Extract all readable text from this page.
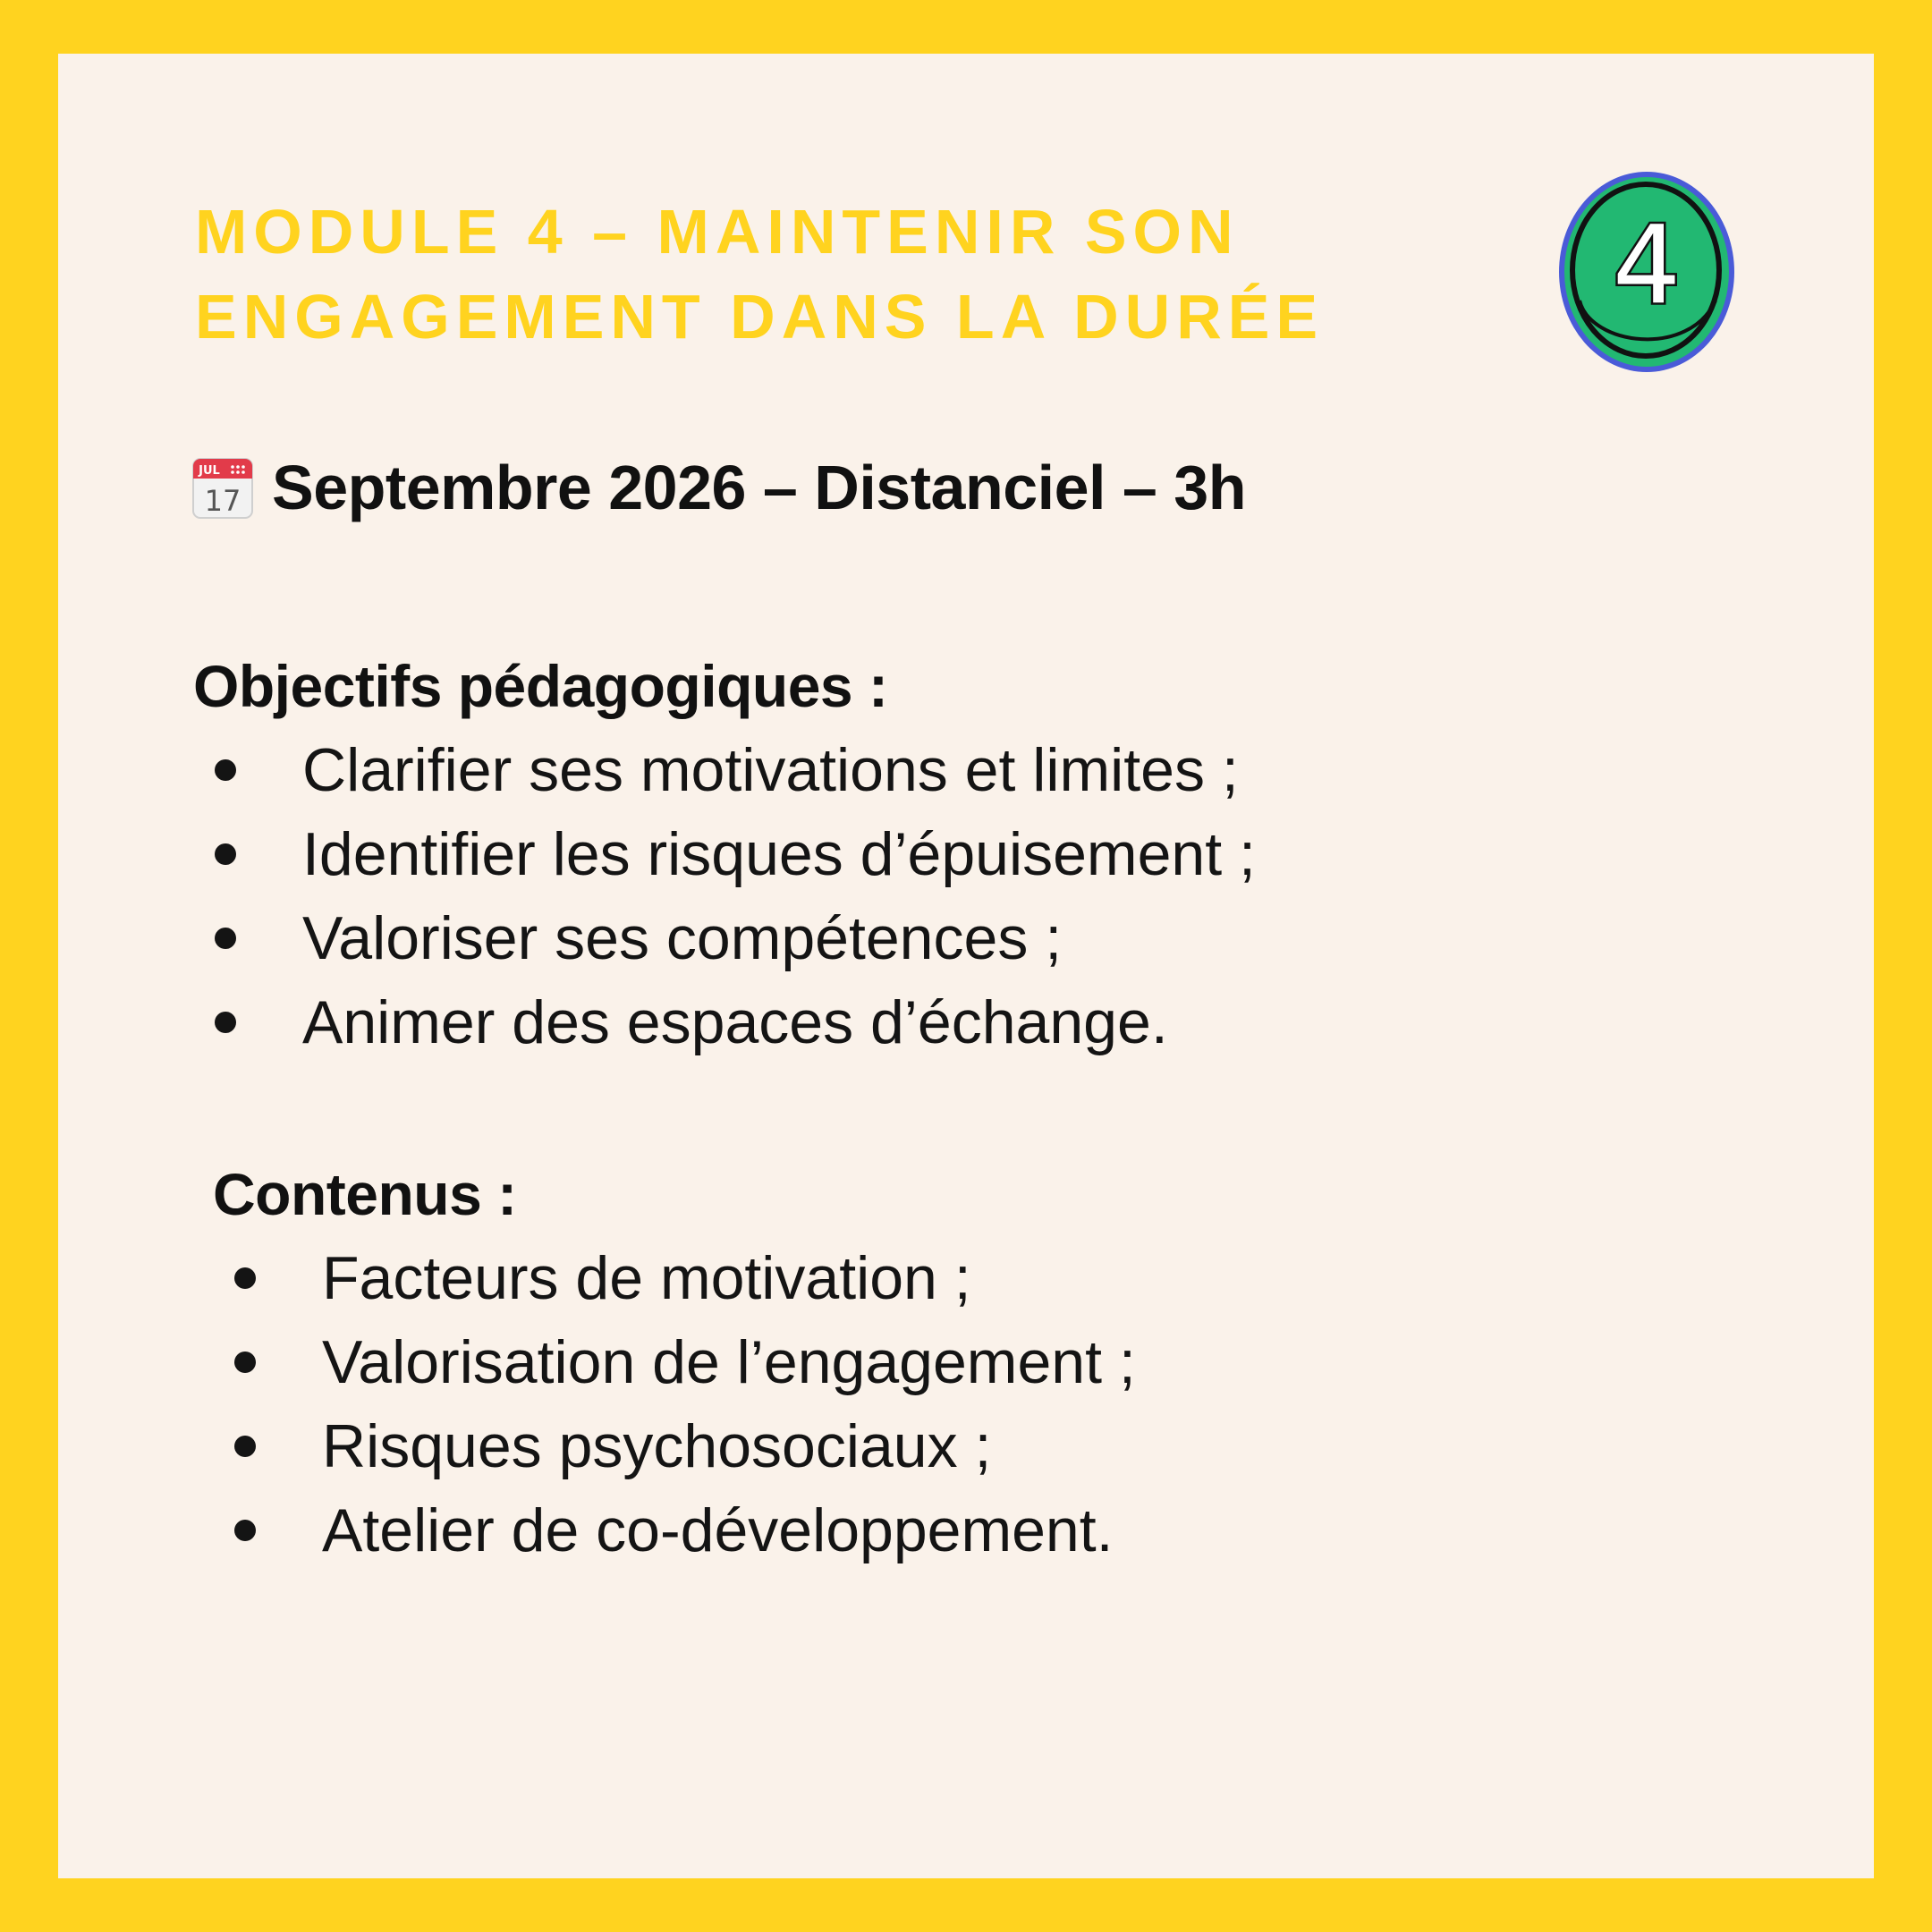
MODULE 4 – MAINTENIR SON
ENGAGEMENT DANS LA DURÉE	4
JUL
17 Septembre 2026 – Distanciel – 3h
Objectifs pédagogiques :
Clarifier ses motivations et limites ;
Identifier les risques d’épuisement ;
Valoriser ses compétences ;
Animer des espaces d’échange.
Contenus :
Facteurs de motivation ;
Valorisation de l’engagement ;
Risques psychosociaux ;
Atelier de co-développement.
